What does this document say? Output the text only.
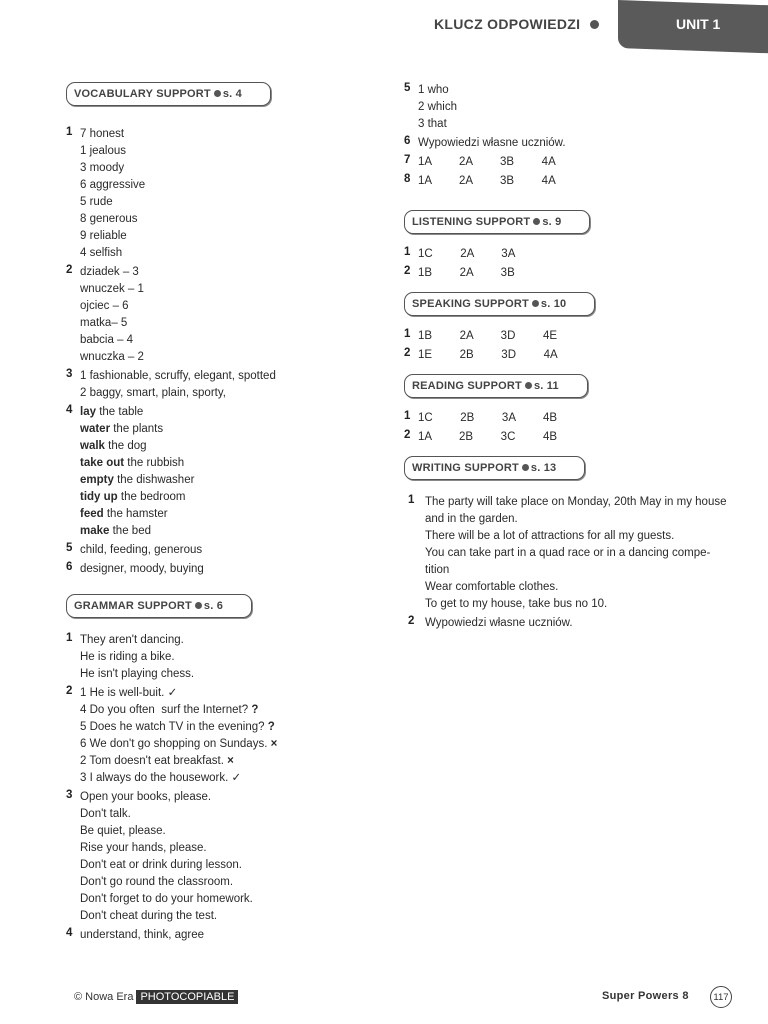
KLUCZ ODPOWIEDZI	UNIT 1
VOCABULARY SUPPORT s. 4
1 7 honest
1 jealous
3 moody
6 aggressive
5 rude
8 generous
9 reliable
4 selfish
2 dziadek – 3
wnuczek – 1
ojciec – 6
matka– 5
babcia – 4
wnuczka – 2
3 1 fashionable, scruffy, elegant, spotted
2 baggy, smart, plain, sporty,
4 lay the table
water the plants
walk the dog
take out the rubbish
empty the dishwasher
tidy up the bedroom
feed the hamster
make the bed
5 child, feeding, generous
6 designer, moody, buying
GRAMMAR SUPPORT s. 6
1 They aren't dancing.
He is riding a bike.
He isn't playing chess.
2 1 He is well-buit. ✓
4 Do you often  surf the Internet? ?
5 Does he watch TV in the evening? ?
6 We don't go shopping on Sundays. ×
2 Tom doesn't eat breakfast. ×
3 I always do the housework. ✓
3 Open your books, please.
Don't talk.
Be quiet, please.
Rise your hands, please.
Don't eat or drink during lesson.
Don't go round the classroom.
Don't forget to do your homework.
Don't cheat during the test.
4 understand, think, agree
5 1 who
2 which
3 that
6 Wypowiedzi własne uczniów.
7 1A   2A   3B   4A
8 1A   2A   3B   4A
LISTENING SUPPORT s. 9
1 1C   2A   3A
2 1B   2A   3B
SPEAKING SUPPORT s. 10
1 1B   2A   3D   4E
2 1E   2B   3D   4A
READING SUPPORT s. 11
1 1C   2B   3A   4B
2 1A   2B   3C   4B
WRITING SUPPORT s. 13
1 The party will take place on Monday, 20th May in my house and in the garden.
There will be a lot of attractions for all my guests.
You can take part in a quad race or in a dancing compe-tition
Wear comfortable clothes.
To get to my house, take bus no 10.
2 Wypowiedzi własne uczniów.
© Nowa Era PHOTOCOPIABLE	Super Powers 8	117
